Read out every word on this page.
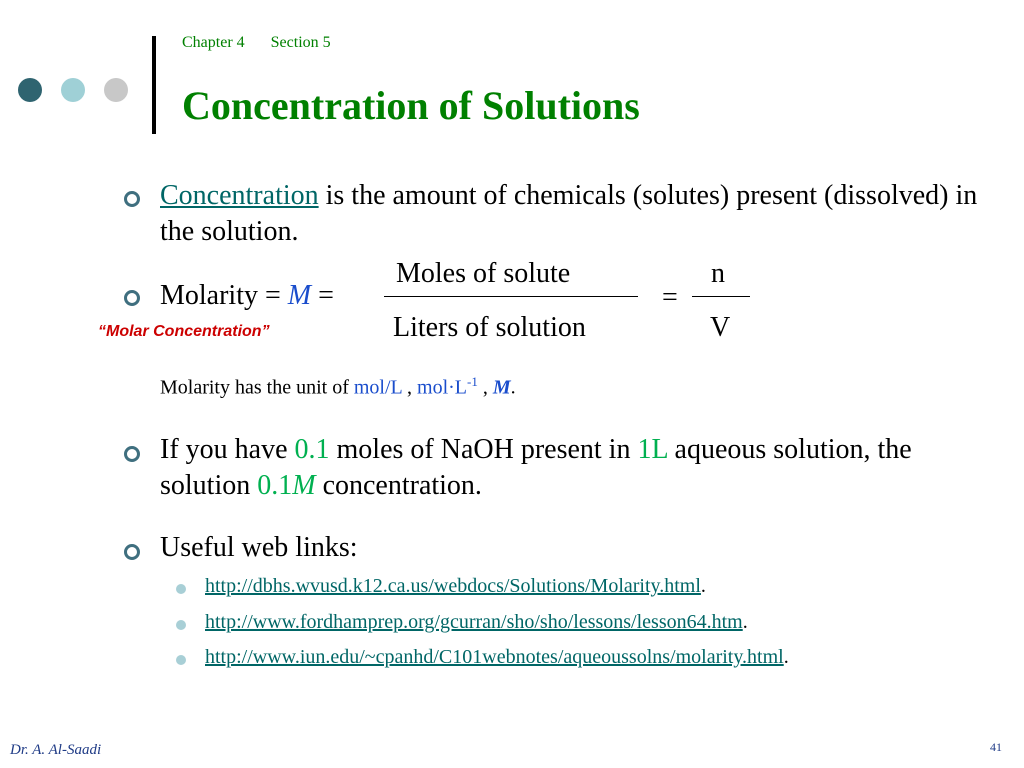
Chapter 4 Section 5
Concentration of Solutions
Concentration is the amount of chemicals (solutes) present (dissolved) in the solution.
Molarity = M =
Moles of solute
Liters of solution
=
n
V
“Molar Concentration”
Molarity has the unit of mol/L , $mol\cdot L^{-1}$ , M.
If you have 0.1 moles of NaOH present in 1L aqueous solution, the solution 0.1M concentration.
Useful web links:
http://dbhs.wvusd.k12.ca.us/webdocs/Solutions/Molarity.html.
http://www.fordhamprep.org/gcurran/sho/sho/lessons/lesson64.htm.
http://www.iun.edu/~cpanhd/C101webnotes/aqueoussolns/molarity.html.
Dr. A. Al-Saadi	41
